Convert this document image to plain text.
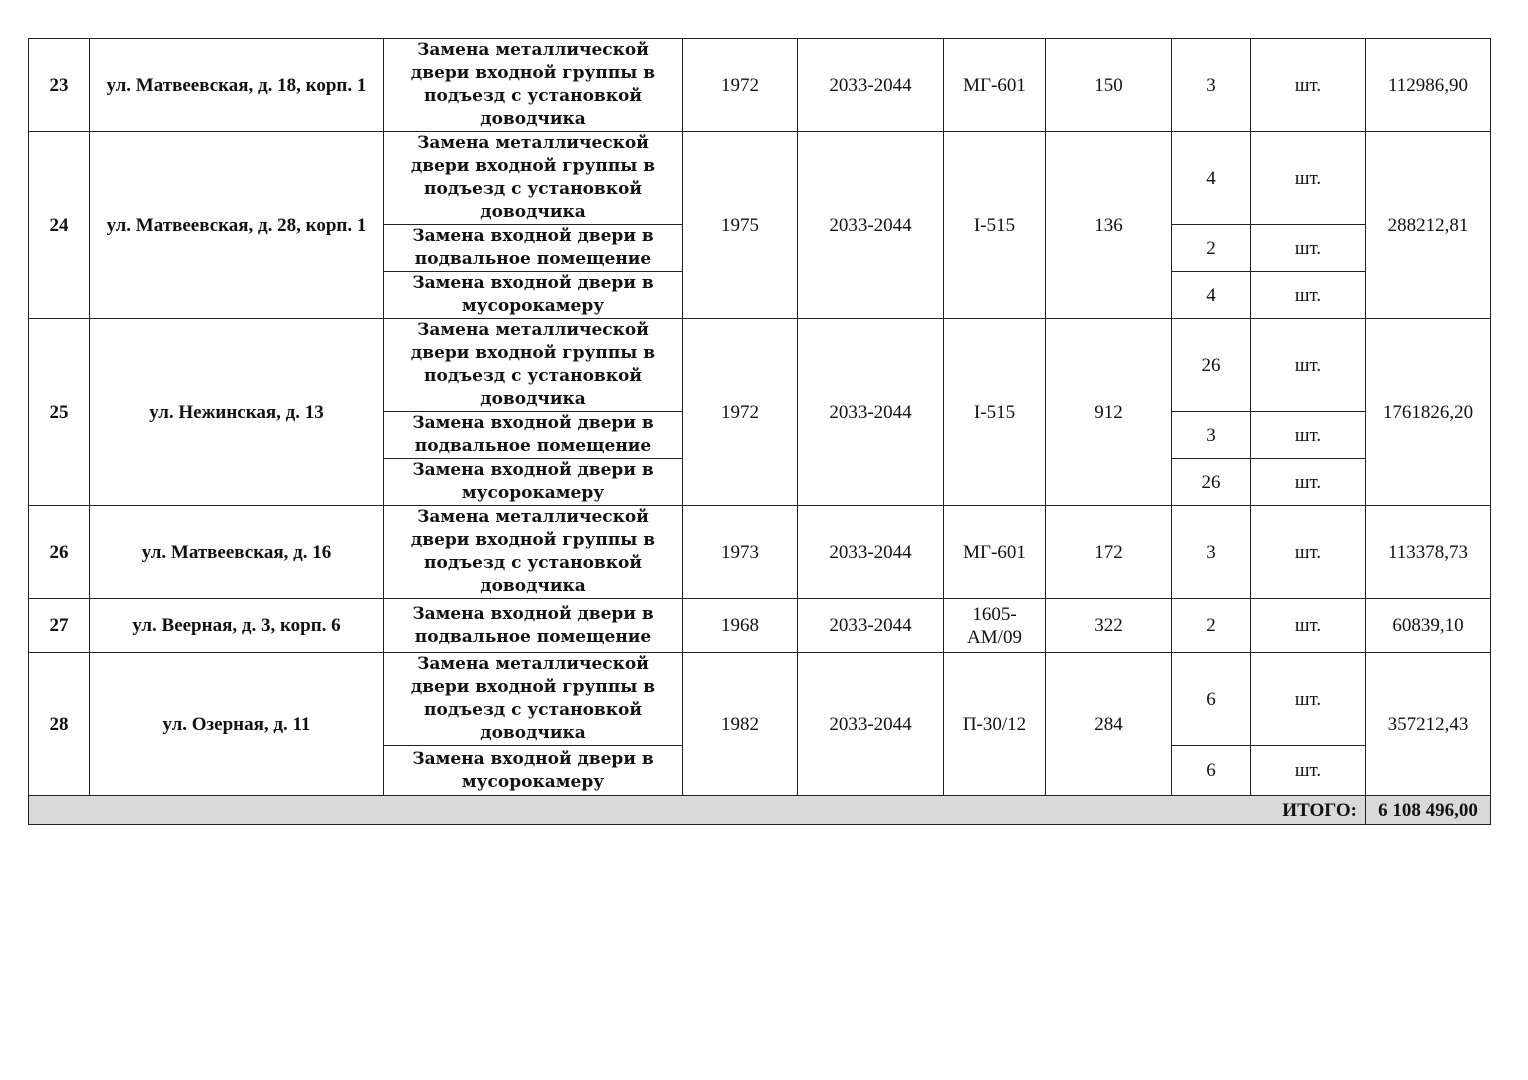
23	ул. Матвеевская, д. 18, корп. 1	Замена металлической двери входной группы в подъезд с установкой доводчика	1972	2033-2044	МГ-601	150	3	шт.	112986,90
24	ул. Матвеевская, д. 28, корп. 1	Замена металлической двери входной группы в подъезд с установкой доводчика	1975	2033-2044	I-515	136	4	шт.	288212,81
		Замена входной двери в подвальное помещение					2	шт.	
		Замена входной двери в мусорокамеру					4	шт.	
25	ул. Нежинская, д. 13	Замена металлической двери входной группы в подъезд с установкой доводчика	1972	2033-2044	I-515	912	26	шт.	1761826,20
		Замена входной двери в подвальное помещение					3	шт.	
		Замена входной двери в мусорокамеру					26	шт.	
26	ул. Матвеевская, д. 16	Замена металлической двери входной группы в подъезд с установкой доводчика	1973	2033-2044	МГ-601	172	3	шт.	113378,73
27	ул. Веерная, д. 3, корп. 6	Замена входной двери в подвальное помещение	1968	2033-2044	1605-АМ/09	322	2	шт.	60839,10
28	ул. Озерная, д. 11	Замена металлической двери входной группы в подъезд с установкой доводчика	1982	2033-2044	П-30/12	284	6	шт.	357212,43
		Замена входной двери в мусорокамеру					6	шт.	
ИТОГО:									6 108 496,00
